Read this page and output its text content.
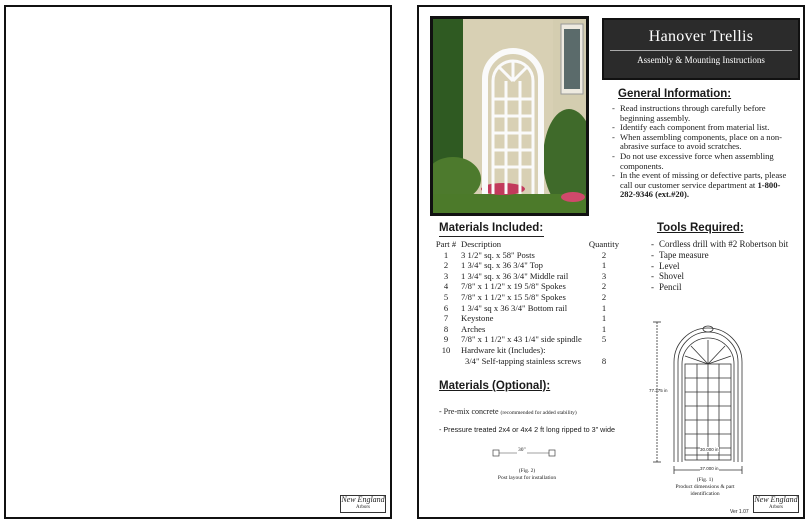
New England
Arbors
Hanover Trellis
Assembly & Mounting Instructions
General Information:
- Read instructions through carefully before beginning assembly.
- Identify each component from material list.
- When assembling components, place on a non-abrasive surface to avoid scratches.
- Do not use excessive force when assembling components.
- In the event of missing or defective parts, please call our customer service department at 1-800-282-9346 (ext.#20).
Materials Included:
Part #	Description	Quantity
1	3 1/2" sq. x 58" Posts	2
2	1 3/4" sq. x 36 3/4" Top	1
3	1 3/4" sq. x 36 3/4" Middle rail	3
4	7/8" x 1 1/2" x 19 5/8" Spokes	2
5	7/8" x 1 1/2" x 15 5/8" Spokes	2
6	1 3/4" sq x 36 3/4" Bottom rail	1
7	Keystone	1
8	Arches	1
9	7/8" x 1 1/2" x 43 1/4" side spindle	5
10	Hardware kit (Includes):	
	3/4" Self-tapping stainless screws	8
Materials (Optional):
- Pre-mix concrete (recommended for added stability)
- Pressure treated 2x4 or 4x4 2 ft long ripped to 3" wide
30"
(Fig. 2)
Post layout for installation
Tools Required:
- Cordless drill with #2 Robertson bit
- Tape measure
- Level
- Shovel
- Pencil
77.375 in
30.000 in
37.000 in
(Fig. 1)
Product dimensions & part identification
Ver 1.07
New England
Arbors
